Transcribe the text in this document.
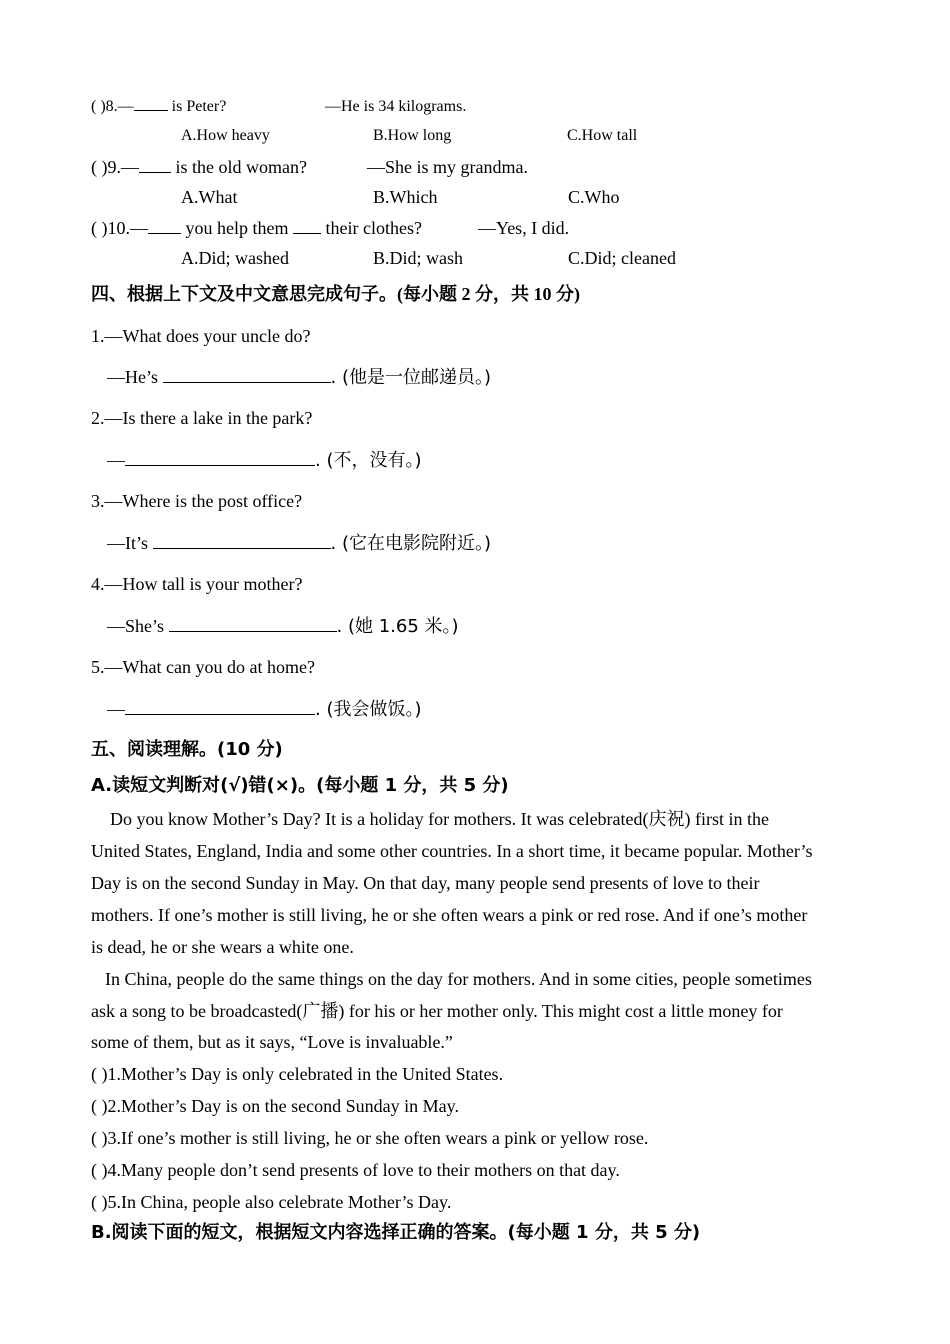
( )8.— is Peter?	—He is 34 kilograms.
A.How heavy	B.How long	C.How tall
( )9.— is the old woman?	—She is my grandma.
A.What	B.Which	C.Who
( )10.— you help them  their clothes?	—Yes, I did.
A.Did; washed	B.Did; wash	C.Did; cleaned
四、根据上下文及中文意思完成句子。(每小题 2 分，共 10 分)
1.—What does your uncle do?
—He’s	. (他是一位邮递员。)
2.—Is there a lake in the park?
—	. (不，没有。)
3.—Where is the post office?
—It’s	. (它在电影院附近。)
4.—How tall is your mother?
—She’s	. (她 1.65 米。)
5.—What can you do at home?
—	. (我会做饭。)
五、阅读理解。(10 分)
A.读短文判断对(√)错(×)。(每小题 1 分，共 5 分)
Do you know Mother’s Day? It is a holiday for mothers. It was celebrated(庆祝) first in the
United States, England, India and some other countries. In a short time, it became popular. Mother’s
Day is on the second Sunday in May. On that day, many people send presents of love to their
mothers. If one’s mother is still living, he or she often wears a pink or red rose. And if one’s mother
is dead, he or she wears a white one.
In China, people do the same things on the day for mothers. And in some cities, people sometimes
ask a song to be broadcasted(广播) for his or her mother only. This might cost a little money for
some of them, but as it says, “Love is invaluable.”
( )1.Mother’s Day is only celebrated in the United States.
( )2.Mother’s Day is on the second Sunday in May.
( )3.If one’s mother is still living, he or she often wears a pink or yellow rose.
( )4.Many people don’t send presents of love to their mothers on that day.
( )5.In China, people also celebrate Mother’s Day.
B.阅读下面的短文，根据短文内容选择正确的答案。(每小题 1 分，共 5 分)
